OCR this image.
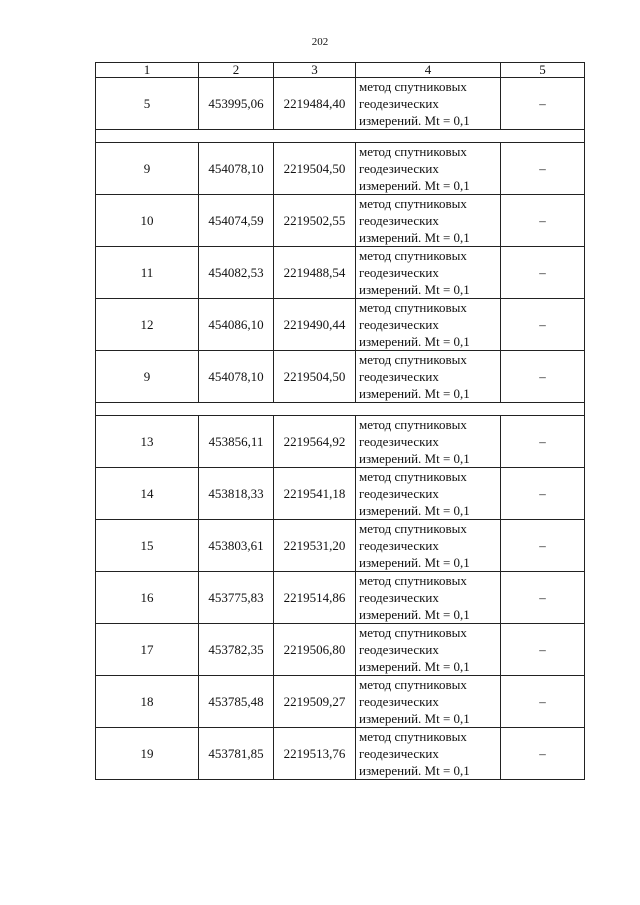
202
1	2	3	4	5
5	453995,06	2219484,40	метод спутниковых
геодезических
измерений. Mt = 0,1	–

9	454078,10	2219504,50	метод спутниковых
геодезических
измерений. Mt = 0,1	–
10	454074,59	2219502,55	метод спутниковых
геодезических
измерений. Mt = 0,1	–
11	454082,53	2219488,54	метод спутниковых
геодезических
измерений. Mt = 0,1	–
12	454086,10	2219490,44	метод спутниковых
геодезических
измерений. Mt = 0,1	–
9	454078,10	2219504,50	метод спутниковых
геодезических
измерений. Mt = 0,1	–

13	453856,11	2219564,92	метод спутниковых
геодезических
измерений. Mt = 0,1	–
14	453818,33	2219541,18	метод спутниковых
геодезических
измерений. Mt = 0,1	–
15	453803,61	2219531,20	метод спутниковых
геодезических
измерений. Mt = 0,1	–
16	453775,83	2219514,86	метод спутниковых
геодезических
измерений. Mt = 0,1	–
17	453782,35	2219506,80	метод спутниковых
геодезических
измерений. Mt = 0,1	–
18	453785,48	2219509,27	метод спутниковых
геодезических
измерений. Mt = 0,1	–
19	453781,85	2219513,76	метод спутниковых
геодезических
измерений. Mt = 0,1	–
